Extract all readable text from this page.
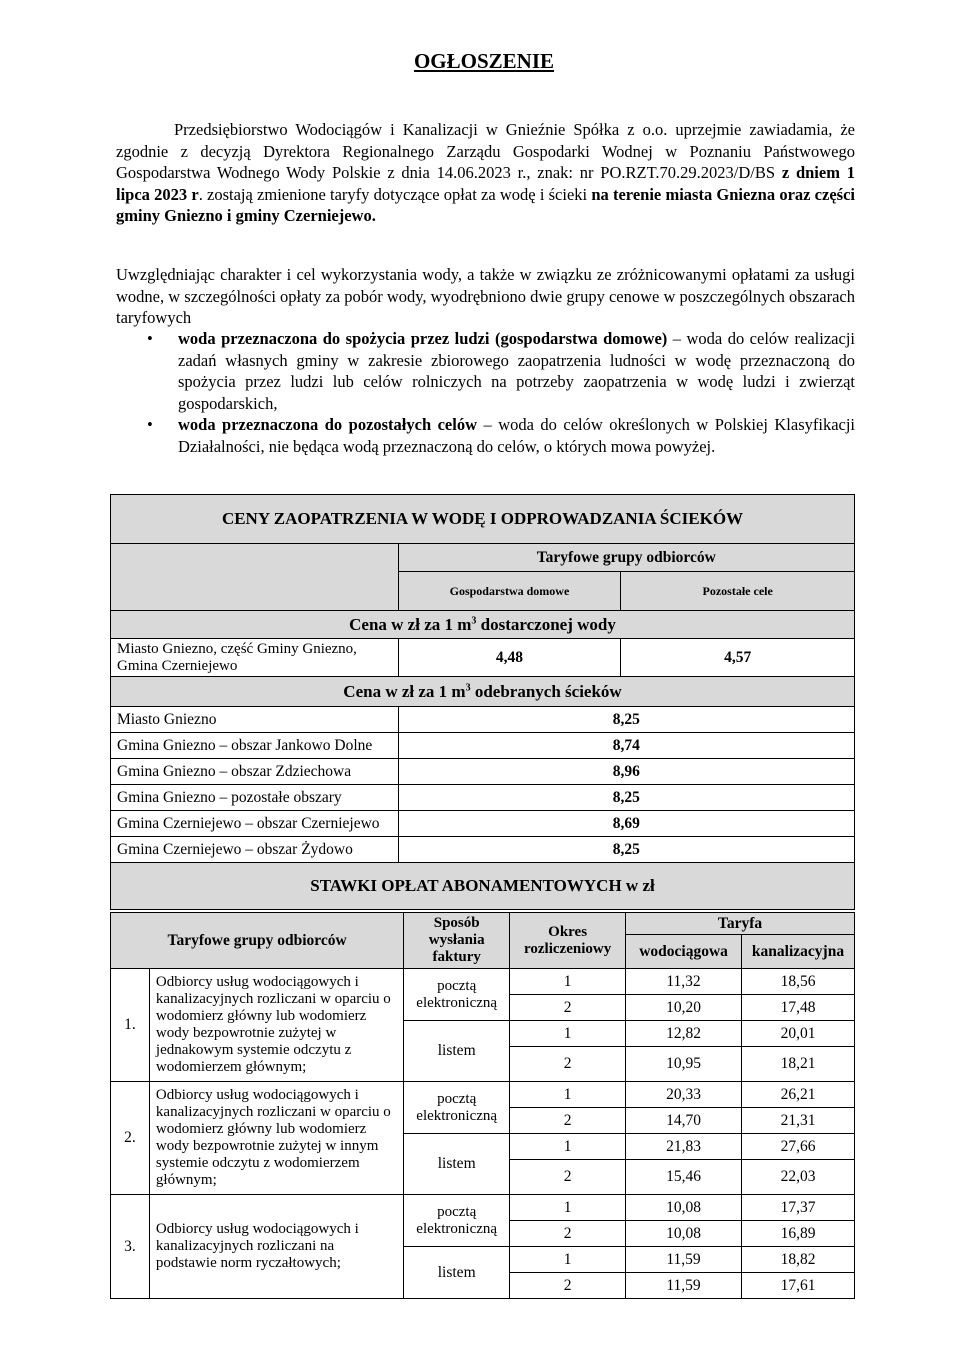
OGŁOSZENIE
Przedsiębiorstwo Wodociągów i Kanalizacji w Gnieźnie Spółka z o.o. uprzejmie zawiadamia, że zgodnie z decyzją Dyrektora Regionalnego Zarządu Gospodarki Wodnej w Poznaniu Państwowego Gospodarstwa Wodnego Wody Polskie z dnia 14.06.2023 r., znak: nr PO.RZT.70.29.2023/D/BS z dniem 1 lipca 2023 r. zostają zmienione taryfy dotyczące opłat za wodę i ścieki na terenie miasta Gniezna oraz części gminy Gniezno i gminy Czerniejewo.
Uwzględniając charakter i cel wykorzystania wody, a także w związku ze zróżnicowanymi opłatami za usługi wodne, w szczególności opłaty za pobór wody, wyodrębniono dwie grupy cenowe w poszczególnych obszarach taryfowych
• woda przeznaczona do spożycia przez ludzi (gospodarstwa domowe) – woda do celów realizacji zadań własnych gminy w zakresie zbiorowego zaopatrzenia ludności w wodę przeznaczoną do spożycia przez ludzi lub celów rolniczych na potrzeby zaopatrzenia w wodę ludzi i zwierząt gospodarskich,
• woda przeznaczona do pozostałych celów – woda do celów określonych w Polskiej Klasyfikacji Działalności, nie będąca wodą przeznaczoną do celów, o których mowa powyżej.
CENY ZAOPATRZENIA W WODĘ I ODPROWADZANIA ŚCIEKÓW		
	Taryfowe grupy odbiorców	
	Gospodarstwa domowe	Pozostałe cele
Cena w zł za 1 $m^3$ dostarczonej wody		
Miasto Gniezno, część Gminy Gniezno, Gmina Czerniejewo	4,48	4,57
Cena w zł za 1 $m^3$ odebranych ścieków		
Miasto Gniezno	8,25	
Gmina Gniezno – obszar Jankowo Dolne	8,74	
Gmina Gniezno – obszar Zdziechowa	8,96	
Gmina Gniezno – pozostałe obszary	8,25	
Gmina Czerniejewo – obszar Czerniejewo	8,69	
Gmina Czerniejewo – obszar Żydowo	8,25	
STAWKI OPŁAT ABONAMENTOWYCH w zł		
Taryfowe grupy odbiorców		Sposób wysłania faktury	Okres rozliczeniowy	Taryfa	
				wodociągowa	kanalizacyjna
1.	Odbiorcy usług wodociągowych i kanalizacyjnych rozliczani w oparciu o wodomierz główny lub wodomierz wody bezpowrotnie zużytej w jednakowym systemie odczytu z wodomierzem głównym;	pocztą elektroniczną	1	11,32	18,56
			2	10,20	17,48
		listem	1	12,82	20,01
			2	10,95	18,21
2.	Odbiorcy usług wodociągowych i kanalizacyjnych rozliczani w oparciu o wodomierz główny lub wodomierz wody bezpowrotnie zużytej w innym systemie odczytu z wodomierzem głównym;	pocztą elektroniczną	1	20,33	26,21
			2	14,70	21,31
		listem	1	21,83	27,66
			2	15,46	22,03
3.	Odbiorcy usług wodociągowych i kanalizacyjnych rozliczani na podstawie norm ryczałtowych;	pocztą elektroniczną	1	10,08	17,37
			2	10,08	16,89
		listem	1	11,59	18,82
			2	11,59	17,61
